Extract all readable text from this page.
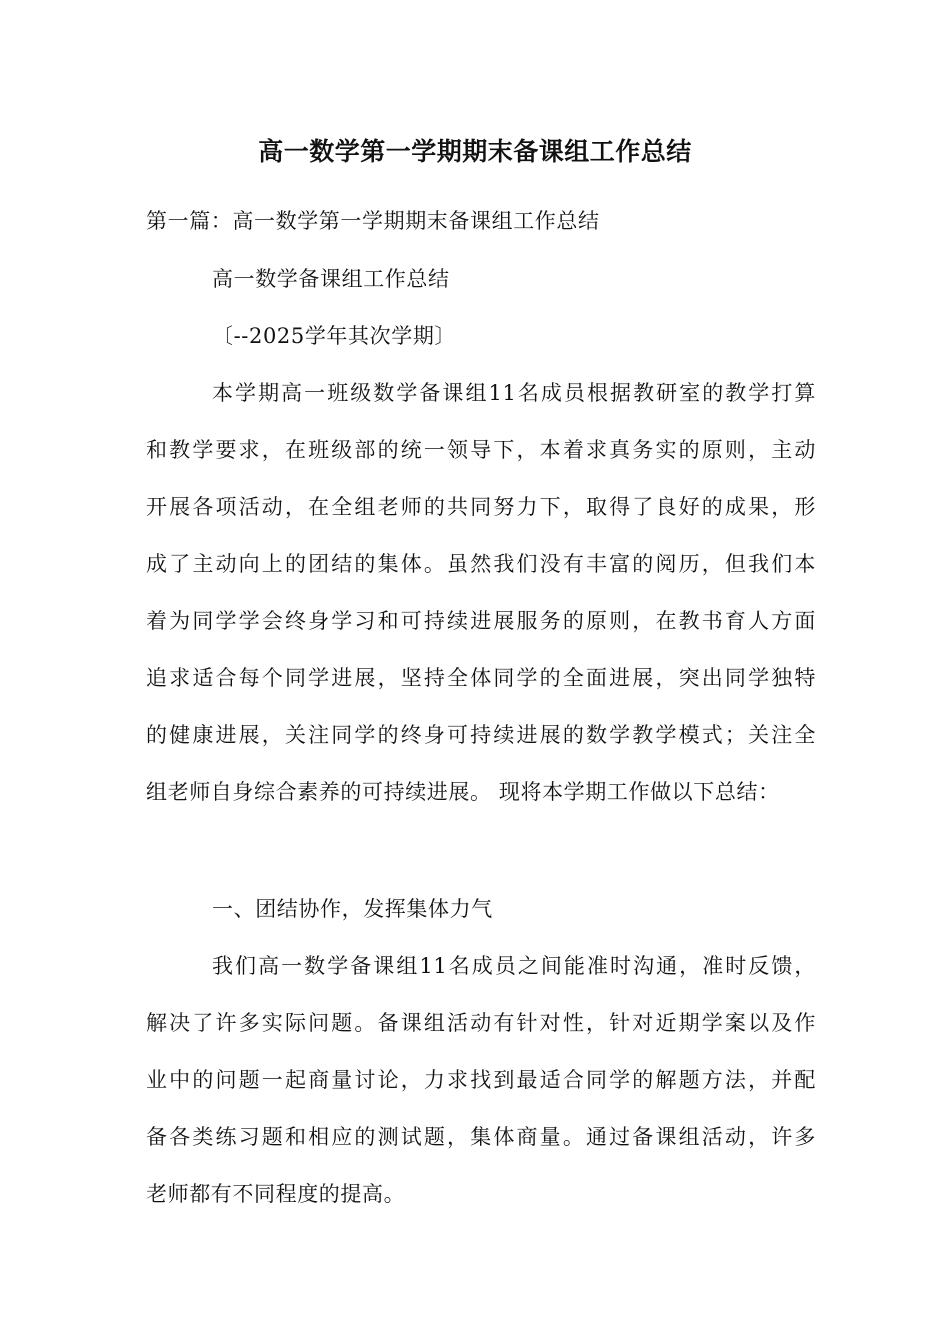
高一数学第一学期期末备课组工作总结
第一篇：高一数学第一学期期末备课组工作总结
高一数学备课组工作总结
〔--2025学年其次学期〕
本学期高一班级数学备课组11名成员根据教研室的教学打算
和教学要求，在班级部的统一领导下，本着求真务实的原则，主动
开展各项活动，在全组老师的共同努力下，取得了良好的成果，形
成了主动向上的团结的集体。虽然我们没有丰富的阅历，但我们本
着为同学学会终身学习和可持续进展服务的原则，在教书育人方面
追求适合每个同学进展，坚持全体同学的全面进展，突出同学独特
的健康进展，关注同学的终身可持续进展的数学教学模式；关注全
组老师自身综合素养的可持续进展。 现将本学期工作做以下总结：
一、团结协作，发挥集体力气
我们高一数学备课组11名成员之间能准时沟通，准时反馈，
解决了许多实际问题。备课组活动有针对性，针对近期学案以及作
业中的问题一起商量讨论，力求找到最适合同学的解题方法，并配
备各类练习题和相应的测试题，集体商量。通过备课组活动，许多
老师都有不同程度的提高。
